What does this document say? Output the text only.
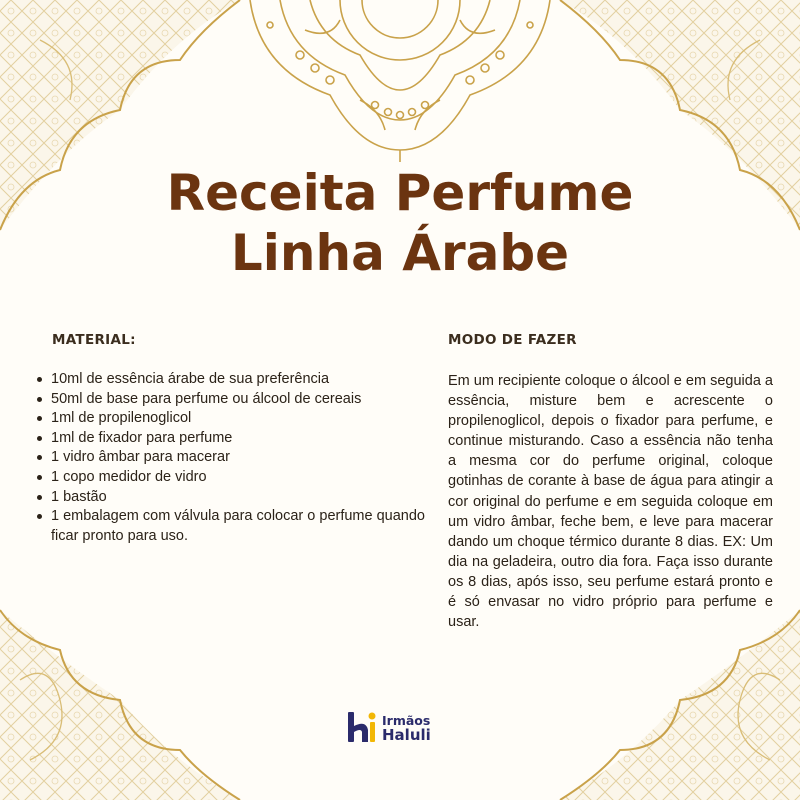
Receita Perfume
Linha Árabe
MATERIAL:	MODO DE FAZER
10ml de essência árabe de sua preferência
50ml de base para perfume ou álcool de cereais
1ml de propilenoglicol
1ml de fixador para perfume
1 vidro âmbar para macerar
1 copo medidor de vidro
1 bastão
1 embalagem com válvula para colocar o perfume quando ficar pronto para uso.

Em um recipiente coloque o álcool e em seguida a essência, misture bem e acrescente o propilenoglicol, depois o fixador para perfume, e continue misturando. Caso a essência não tenha a mesma cor do perfume original, coloque gotinhas de corante à base de água para atingir a cor original do perfume e em seguida coloque em um vidro âmbar, feche bem, e leve para macerar dando um choque térmico durante 8 dias. EX: Um dia na geladeira, outro dia fora. Faça isso durante os 8 dias, após isso, seu perfume estará pronto e é só envasar no vidro próprio para perfume e usar.

Irmãos
Haluli
